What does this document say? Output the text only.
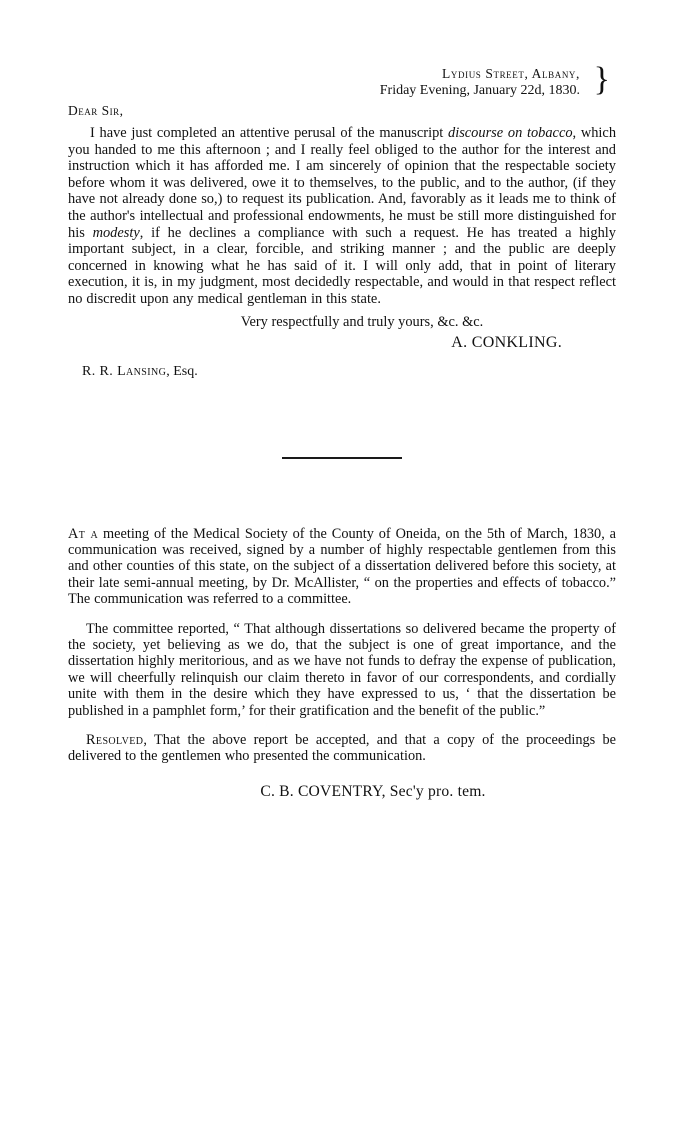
}
Lydius Street, Albany,
Friday Evening, January 22d, 1830.
Dear Sir,

I have just completed an attentive perusal of the manuscript discourse on tobacco, which you handed to me this afternoon ; and I really feel obliged to the author for the interest and instruction which it has afforded me. I am sincerely of opinion that the respectable society before whom it was delivered, owe it to themselves, to the public, and to the author, (if they have not already done so,) to request its publication. And, favorably as it leads me to think of the author's intellectual and professional endowments, he must be still more distinguished for his modesty, if he declines a compliance with such a request. He has treated a highly important subject, in a clear, forcible, and striking manner ; and the public are deeply concerned in knowing what he has said of it. I will only add, that in point of literary execution, it is, in my judgment, most decidedly respectable, and would in that respect reflect no discredit upon any medical gentleman in this state.

Very respectfully and truly yours, &c. &c.
A. CONKLING.
R. R. Lansing, Esq.

At a meeting of the Medical Society of the County of Oneida, on the 5th of March, 1830, a communication was received, signed by a number of highly respectable gentlemen from this and other counties of this state, on the subject of a dissertation delivered before this society, at their late semi-annual meeting, by Dr. McAllister, “ on the properties and effects of tobacco.” The communication was referred to a committee.

The committee reported, “ That although dissertations so delivered became the property of the society, yet believing as we do, that the subject is one of great importance, and the dissertation highly meritorious, and as we have not funds to defray the expense of publication, we will cheerfully relinquish our claim thereto in favor of our correspondents, and cordially unite with them in the desire which they have expressed to us, ‘ that the dissertation be published in a pamphlet form,’ for their gratification and the benefit of the public.”

Resolved, That the above report be accepted, and that a copy of the proceedings be delivered to the gentlemen who presented the communication.

C. B. COVENTRY, Sec'y pro. tem.
